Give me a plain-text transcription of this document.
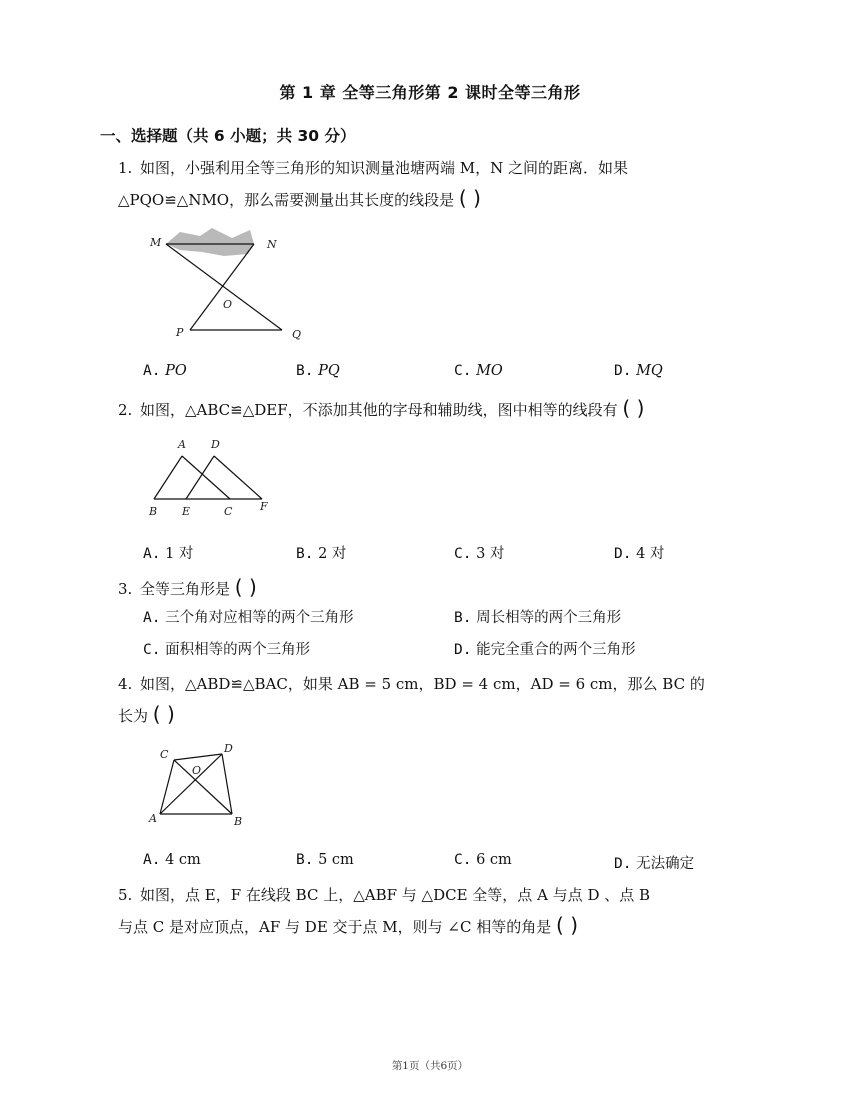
第 1 章 全等三角形第 2 课时全等三角形
一、选择题（共 6 小题；共 30 分）
1. 如图，小强利用全等三角形的知识测量池塘两端 M，N 之间的距离．如果
△PQO≌△NMO，那么需要测量出其长度的线段是 ( )
M	N
O
P	Q
A. PO	B. PQ	C. MO	D. MQ
2. 如图，△ABC≌△DEF，不添加其他的字母和辅助线，图中相等的线段有 ( )
A D
B E	C	F
A. 1 对	B. 2 对	C. 3 对	D. 4 对
3. 全等三角形是 ( )
A. 三个角对应相等的两个三角形	B. 周长相等的两个三角形
C. 面积相等的两个三角形	D. 能完全重合的两个三角形
4. 如图，△ABD≌△BAC，如果 AB = 5 cm，BD = 4 cm，AD = 6 cm，那么 BC 的
长为 ( )
C	D
O
A	B
A. 4 cm	B. 5 cm	C. 6 cm	D. 无法确定
5. 如图，点 E，F 在线段 BC 上，△ABF 与 △DCE 全等，点 A 与点 D 、点 B
与点 C 是对应顶点，AF 与 DE 交于点 M，则与 ∠C 相等的角是 ( )
第1页（共6页）
